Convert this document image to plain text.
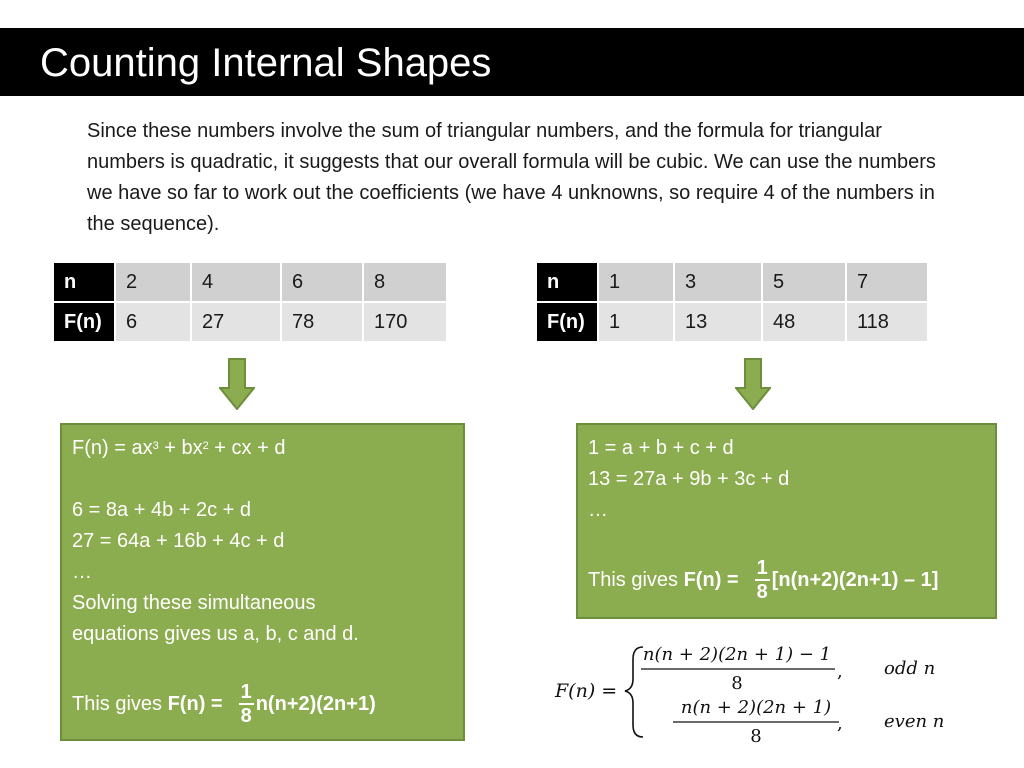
Counting Internal Shapes

Since these numbers involve the sum of triangular numbers, and the formula for triangular numbers is quadratic, it suggests that our overall formula will be cubic. We can use the numbers we have so far to work out the coefficients (we have 4 unknowns, so require 4 of the numbers in the sequence).

n	2	4	6	8
F(n)	6	27	78	170
n	1	3	5	7
F(n)	1	13	48	118

$F(n) = ax^3 + bx^2$ + cx + d

6 = 8a + 4b + 2c + d

27 = 64a + 16b + 4c + d

…

Solving these simultaneous

equations gives us a, b, c and d.

This gives $F(n) = \frac{1}{8} n(n+2)(2n+1)$

1 = a + b + c + d

13 = 27a + 9b + 3c + d

…

This gives $F(n) = \frac{1}{8} [n(n+2)(2n+1) - 1]$

F(n) =
n(n + 2)(2n + 1) − 1
8
, odd n
n(n + 2)(2n + 1)
8
, even n
